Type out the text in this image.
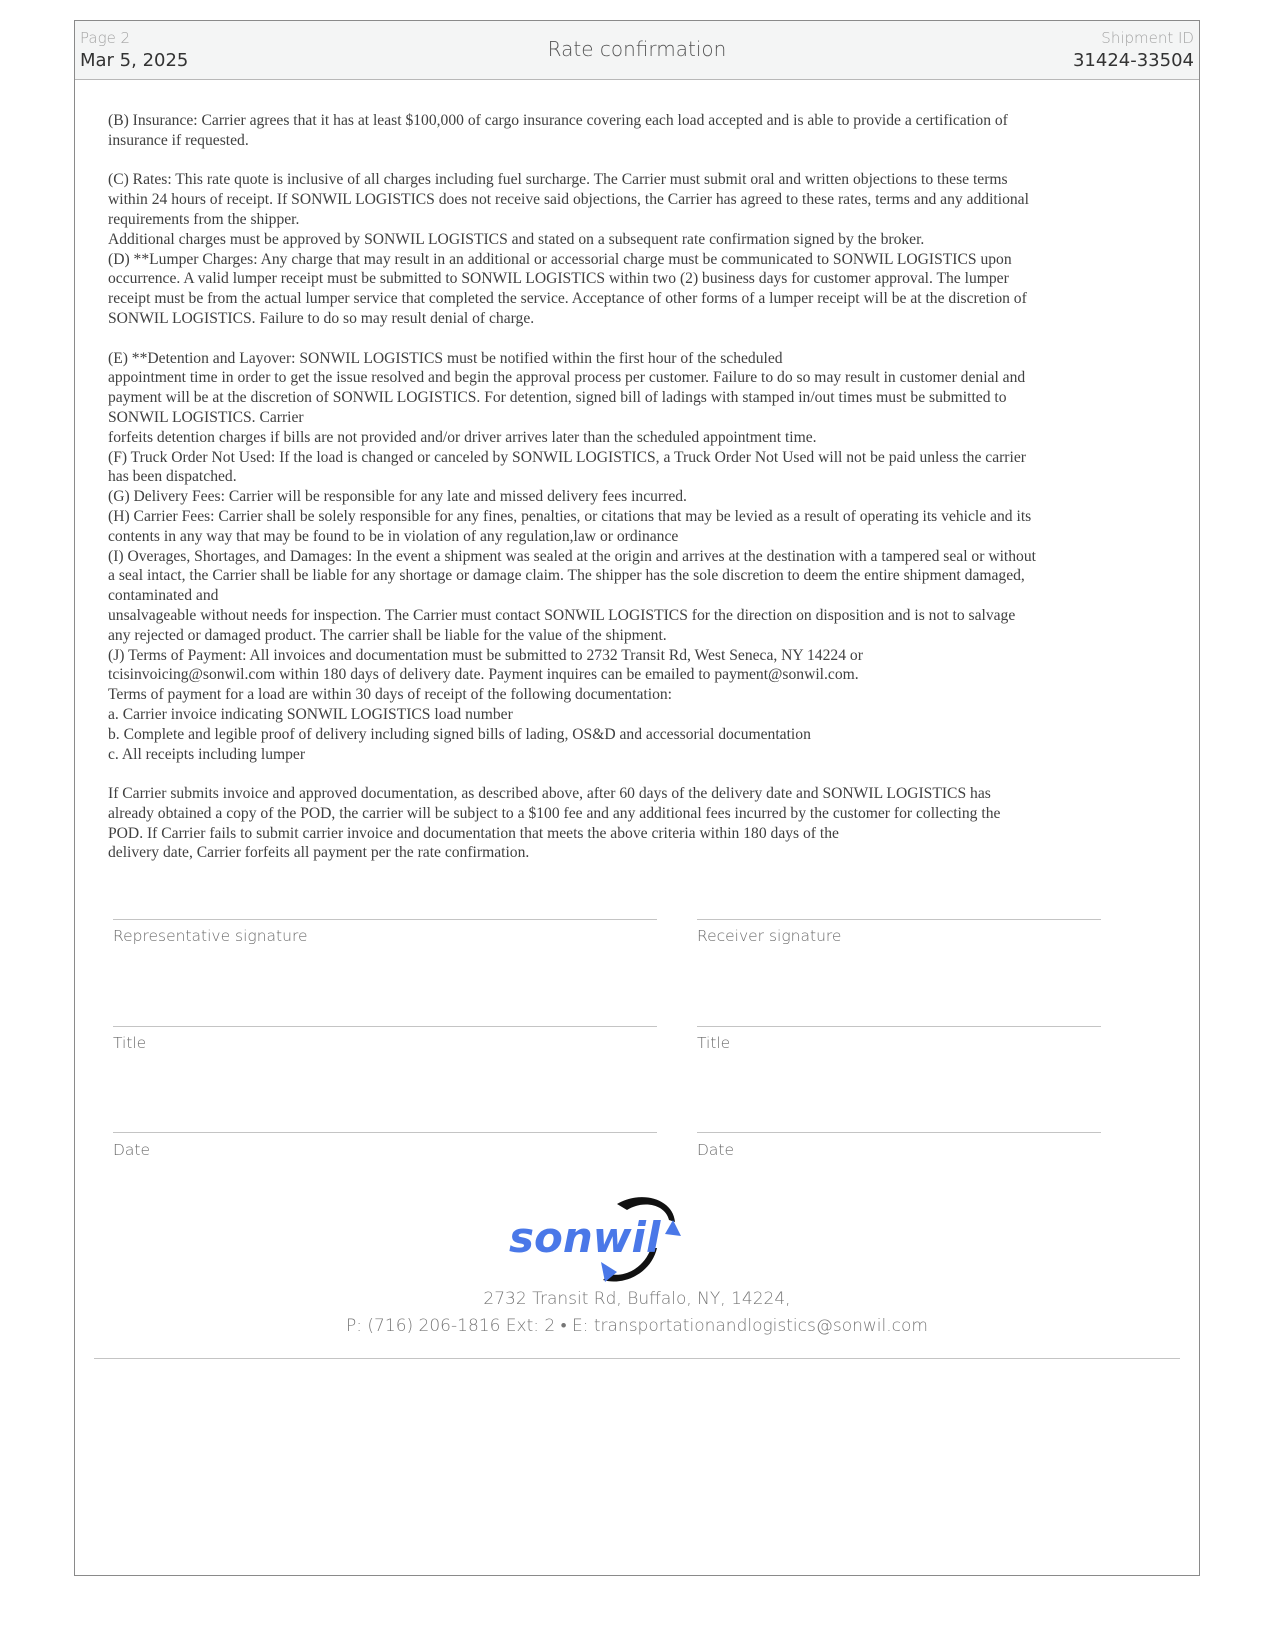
Page 2
Mar 5, 2025	Rate confirmation	Shipment ID
31424-33504

(B) Insurance: Carrier agrees that it has at least $100,000 of cargo insurance covering each load accepted and is able to provide a certification of
insurance if requested.

(C) Rates: This rate quote is inclusive of all charges including fuel surcharge. The Carrier must submit oral and written objections to these terms
within 24 hours of receipt. If SONWIL LOGISTICS does not receive said objections, the Carrier has agreed to these rates, terms and any additional
requirements from the shipper.
Additional charges must be approved by SONWIL LOGISTICS and stated on a subsequent rate confirmation signed by the broker.
(D) **Lumper Charges: Any charge that may result in an additional or accessorial charge must be communicated to SONWIL LOGISTICS upon
occurrence. A valid lumper receipt must be submitted to SONWIL LOGISTICS within two (2) business days for customer approval. The lumper
receipt must be from the actual lumper service that completed the service. Acceptance of other forms of a lumper receipt will be at the discretion of
SONWIL LOGISTICS. Failure to do so may result denial of charge.

(E) **Detention and Layover: SONWIL LOGISTICS must be notified within the first hour of the scheduled
appointment time in order to get the issue resolved and begin the approval process per customer. Failure to do so may result in customer denial and
payment will be at the discretion of SONWIL LOGISTICS. For detention, signed bill of ladings with stamped in/out times must be submitted to
SONWIL LOGISTICS. Carrier
forfeits detention charges if bills are not provided and/or driver arrives later than the scheduled appointment time.
(F) Truck Order Not Used: If the load is changed or canceled by SONWIL LOGISTICS, a Truck Order Not Used will not be paid unless the carrier
has been dispatched.
(G) Delivery Fees: Carrier will be responsible for any late and missed delivery fees incurred.
(H) Carrier Fees: Carrier shall be solely responsible for any fines, penalties, or citations that may be levied as a result of operating its vehicle and its
contents in any way that may be found to be in violation of any regulation,law or ordinance
(I) Overages, Shortages, and Damages: In the event a shipment was sealed at the origin and arrives at the destination with a tampered seal or without
a seal intact, the Carrier shall be liable for any shortage or damage claim. The shipper has the sole discretion to deem the entire shipment damaged,
contaminated and
unsalvageable without needs for inspection. The Carrier must contact SONWIL LOGISTICS for the direction on disposition and is not to salvage
any rejected or damaged product. The carrier shall be liable for the value of the shipment.
(J) Terms of Payment: All invoices and documentation must be submitted to 2732 Transit Rd, West Seneca, NY 14224 or
tcisinvoicing@sonwil.com within 180 days of delivery date. Payment inquires can be emailed to payment@sonwil.com.
Terms of payment for a load are within 30 days of receipt of the following documentation:
a. Carrier invoice indicating SONWIL LOGISTICS load number
b. Complete and legible proof of delivery including signed bills of lading, OS&D and accessorial documentation
c. All receipts including lumper

If Carrier submits invoice and approved documentation, as described above, after 60 days of the delivery date and SONWIL LOGISTICS has
already obtained a copy of the POD, the carrier will be subject to a $100 fee and any additional fees incurred by the customer for collecting the
POD. If Carrier fails to submit carrier invoice and documentation that meets the above criteria within 180 days of the
delivery date, Carrier forfeits all payment per the rate confirmation.

Representative signature	Receiver signature
Title	Title
Date	Date
sonwil
2732 Transit Rd, Buffalo, NY, 14224,
P: (716) 206-1816 Ext: 2 • E: transportationandlogistics@sonwil.com
